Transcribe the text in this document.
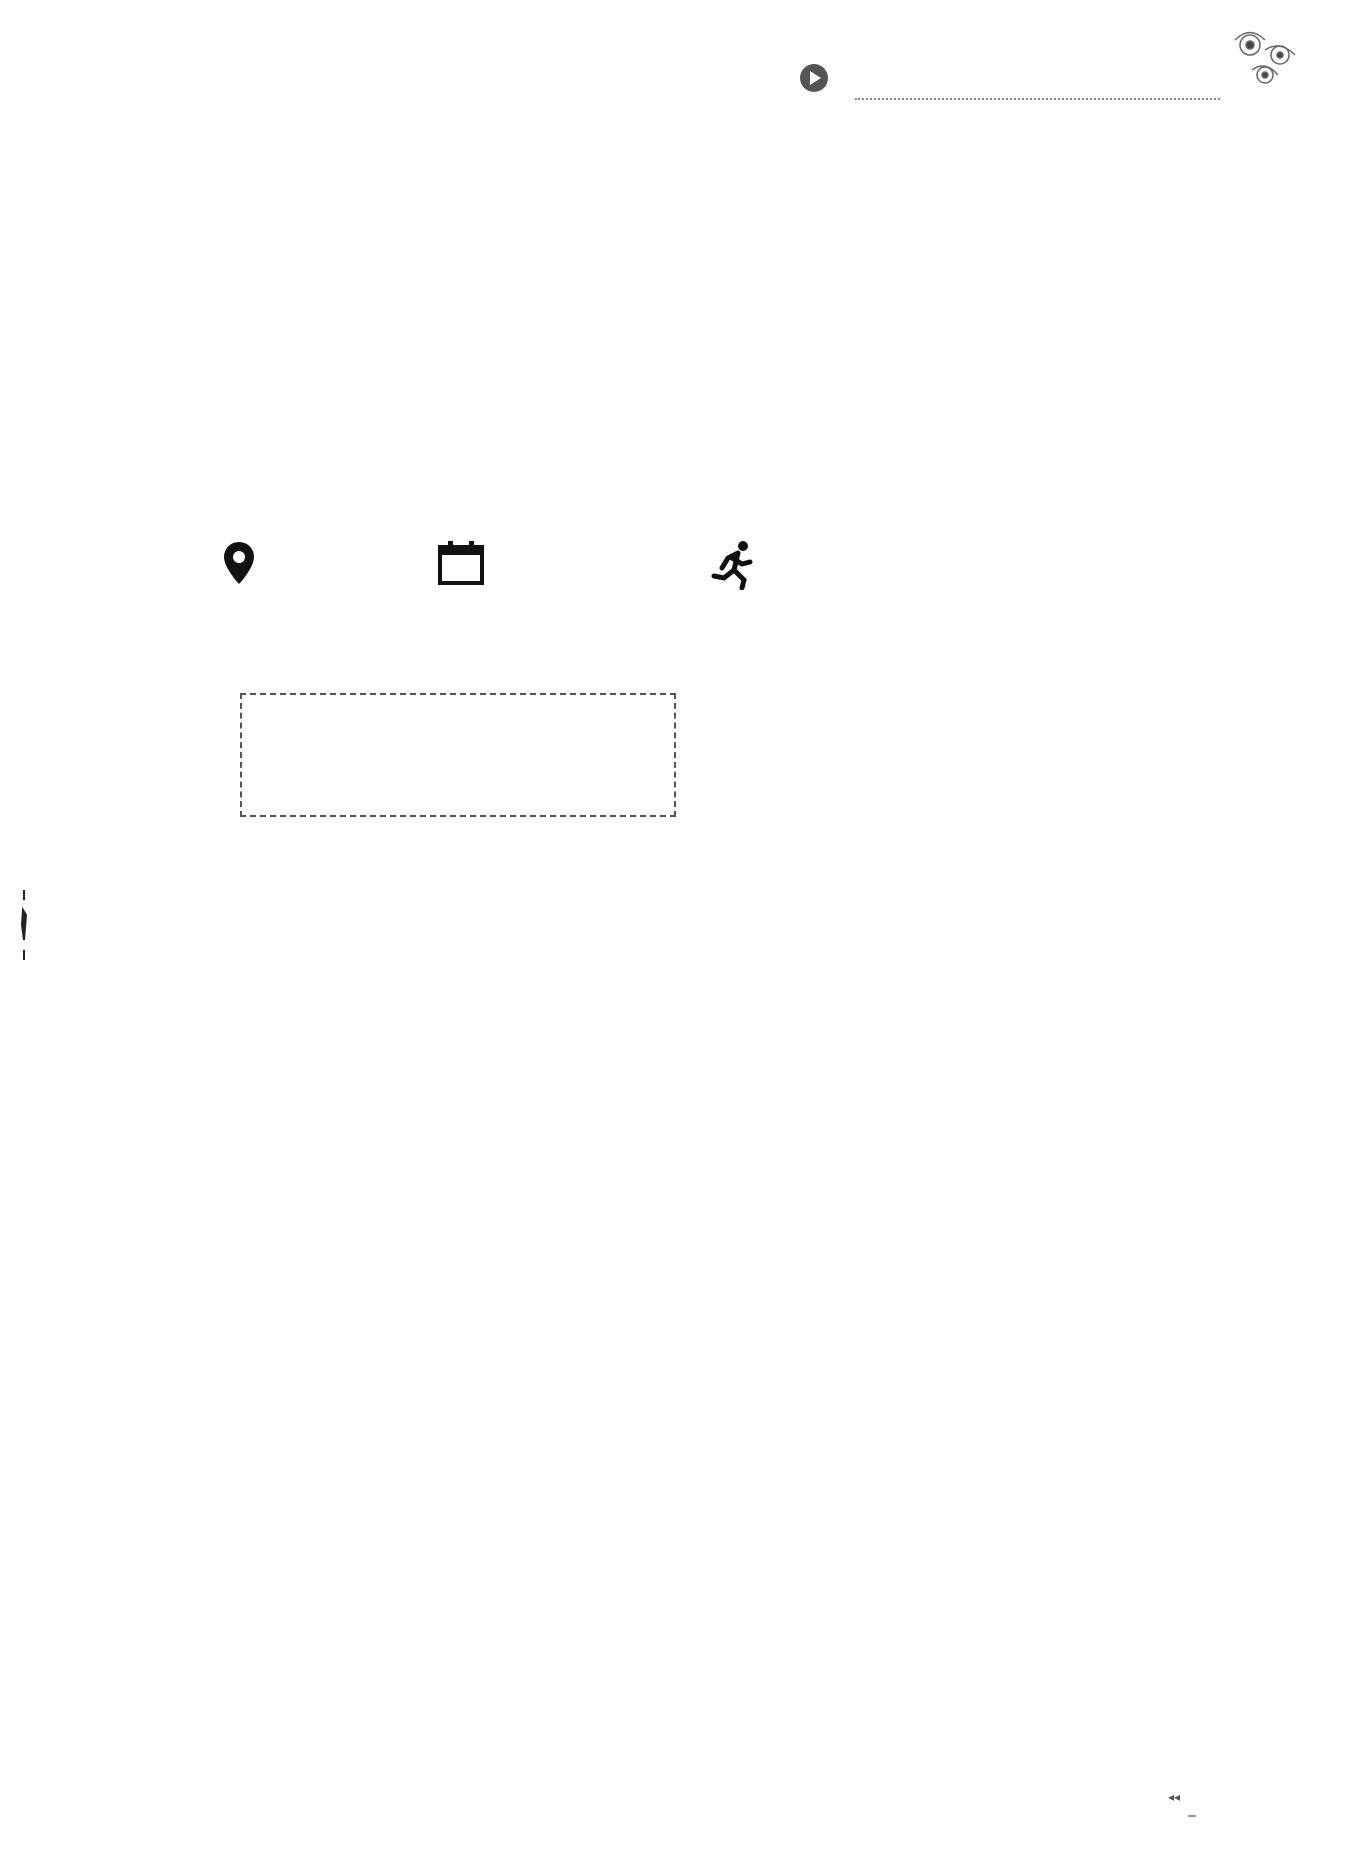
◂◂
